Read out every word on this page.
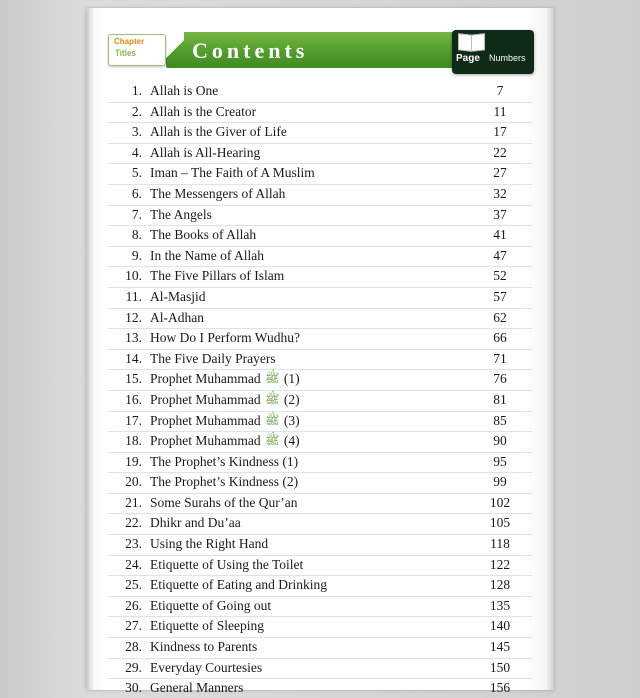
Contents
Chapter
Titles	Page Numbers
1. Allah is One	7
2. Allah is the Creator	11
3. Allah is the Giver of Life	17
4. Allah is All-Hearing	22
5. Iman – The Faith of A Muslim	27
6. The Messengers of Allah	32
7. The Angels	37
8. The Books of Allah	41
9. In the Name of Allah	47
10. The Five Pillars of Islam	52
11. Al-Masjid	57
12. Al-Adhan	62
13. How Do I Perform Wudhu?	66
14. The Five Daily Prayers	71
15. Prophet Muhammad ﷺ (1)	76
16. Prophet Muhammad ﷺ (2)	81
17. Prophet Muhammad ﷺ (3)	85
18. Prophet Muhammad ﷺ (4)	90
19. The Prophet’s Kindness (1)	95
20. The Prophet’s Kindness (2)	99
21. Some Surahs of the Qur’an	102
22. Dhikr and Du’aa	105
23. Using the Right Hand	118
24. Etiquette of Using the Toilet	122
25. Etiquette of Eating and Drinking	128
26. Etiquette of Going out	135
27. Etiquette of Sleeping	140
28. Kindness to Parents	145
29. Everyday Courtesies	150
30. General Manners	156
